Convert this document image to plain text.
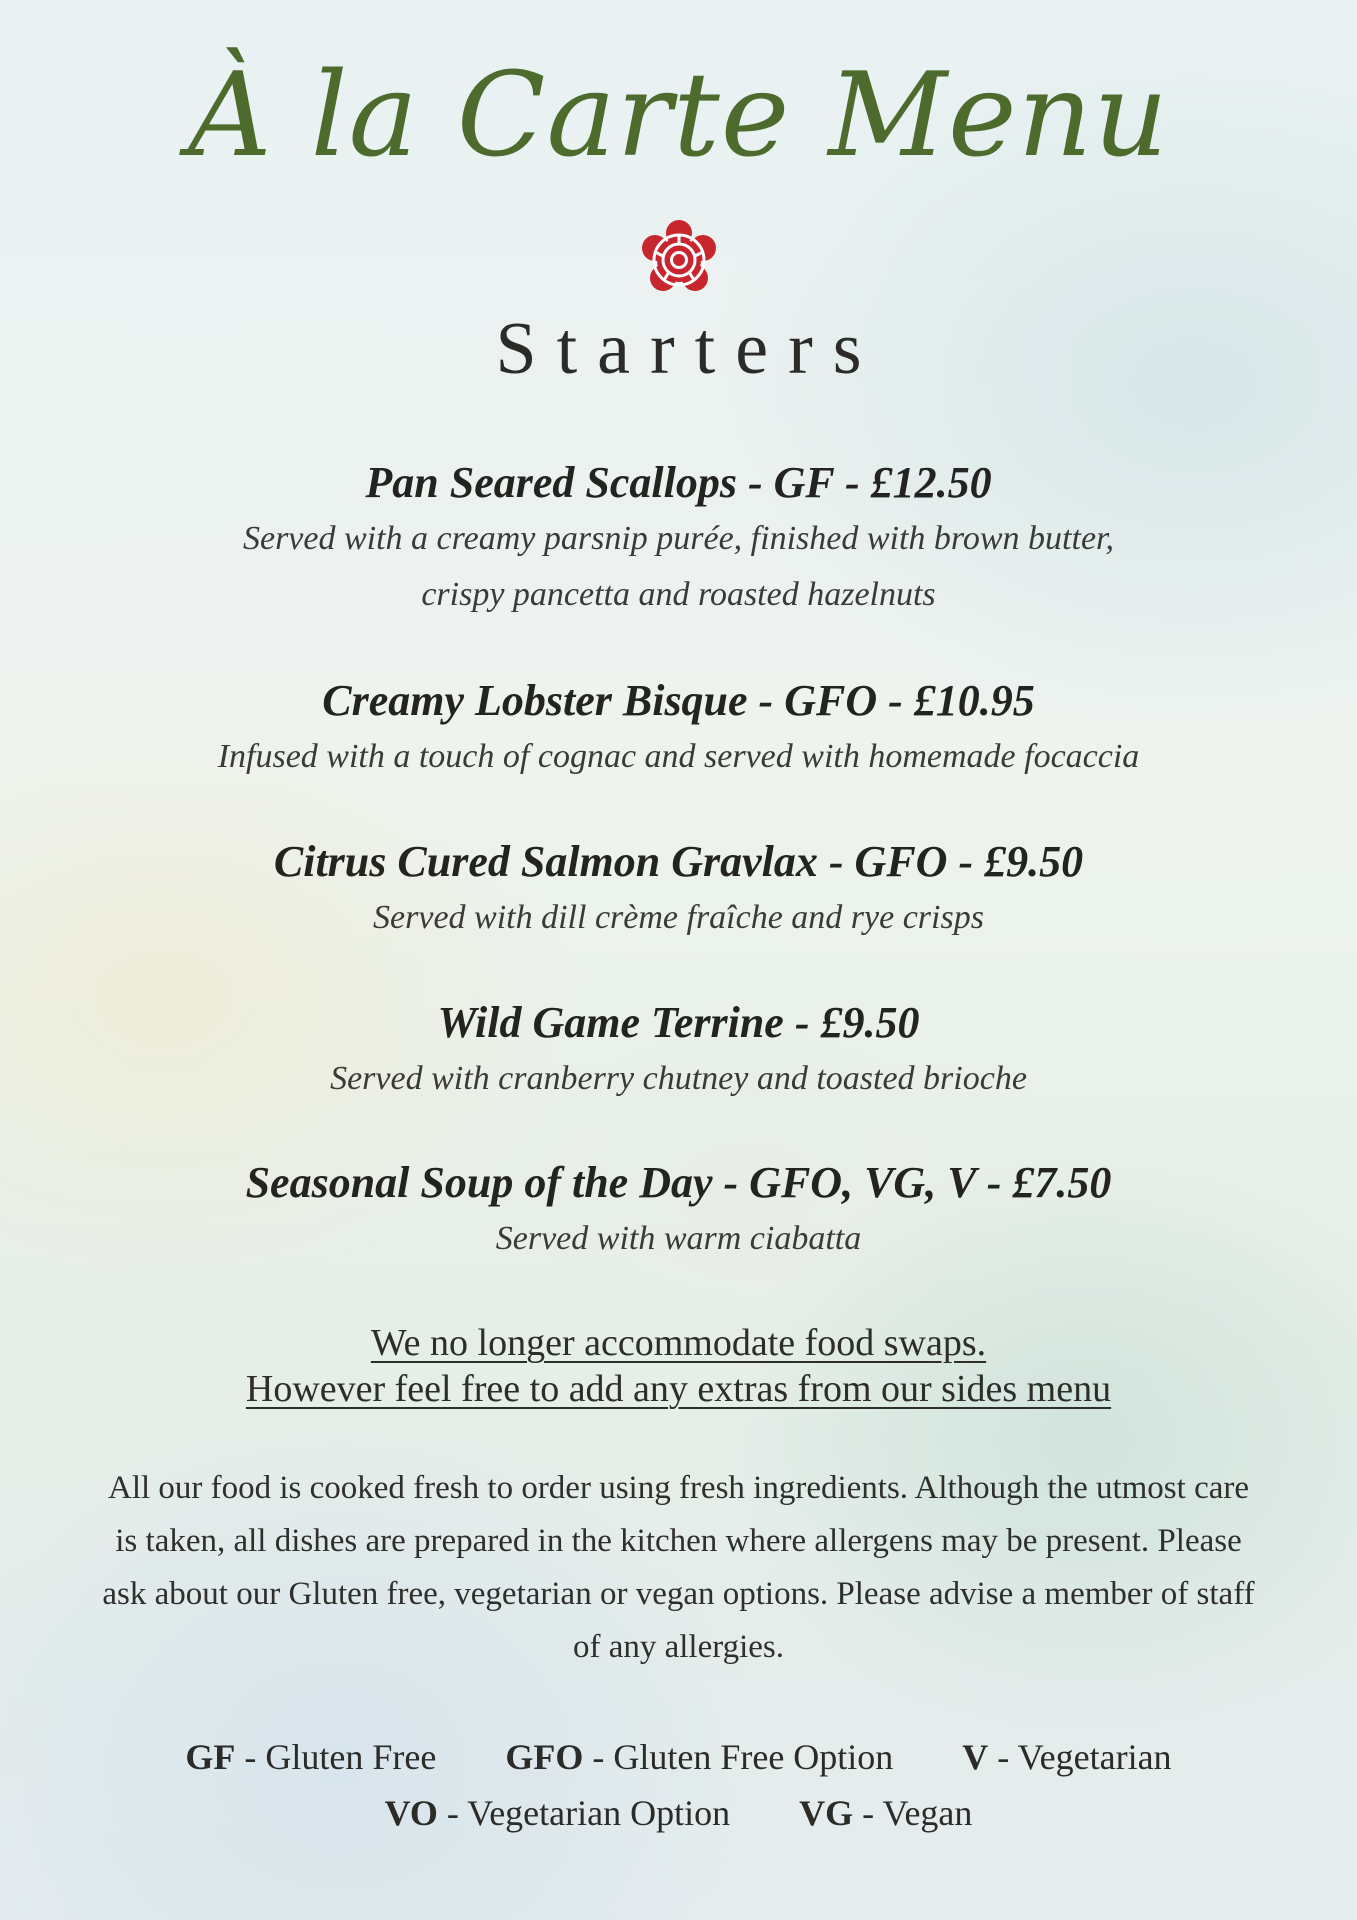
À la Carte Menu
Starters
Pan Seared Scallops - GF - £12.50
Served with a creamy parsnip purée, finished with brown butter,
crispy pancetta and roasted hazelnuts
Creamy Lobster Bisque - GFO - £10.95
Infused with a touch of cognac and served with homemade focaccia
Citrus Cured Salmon Gravlax - GFO - £9.50
Served with dill crème fraîche and rye crisps
Wild Game Terrine - £9.50
Served with cranberry chutney and toasted brioche
Seasonal Soup of the Day - GFO, VG, V - £7.50
Served with warm ciabatta
We no longer accommodate food swaps.
However feel free to add any extras from our sides menu
All our food is cooked fresh to order using fresh ingredients. Although the utmost care is taken, all dishes are prepared in the kitchen where allergens may be present. Please ask about our Gluten free, vegetarian or vegan options. Please advise a member of staff of any allergies.
GF - Gluten Free GFO - Gluten Free Option V - Vegetarian
VO - Vegetarian Option VG - Vegan
